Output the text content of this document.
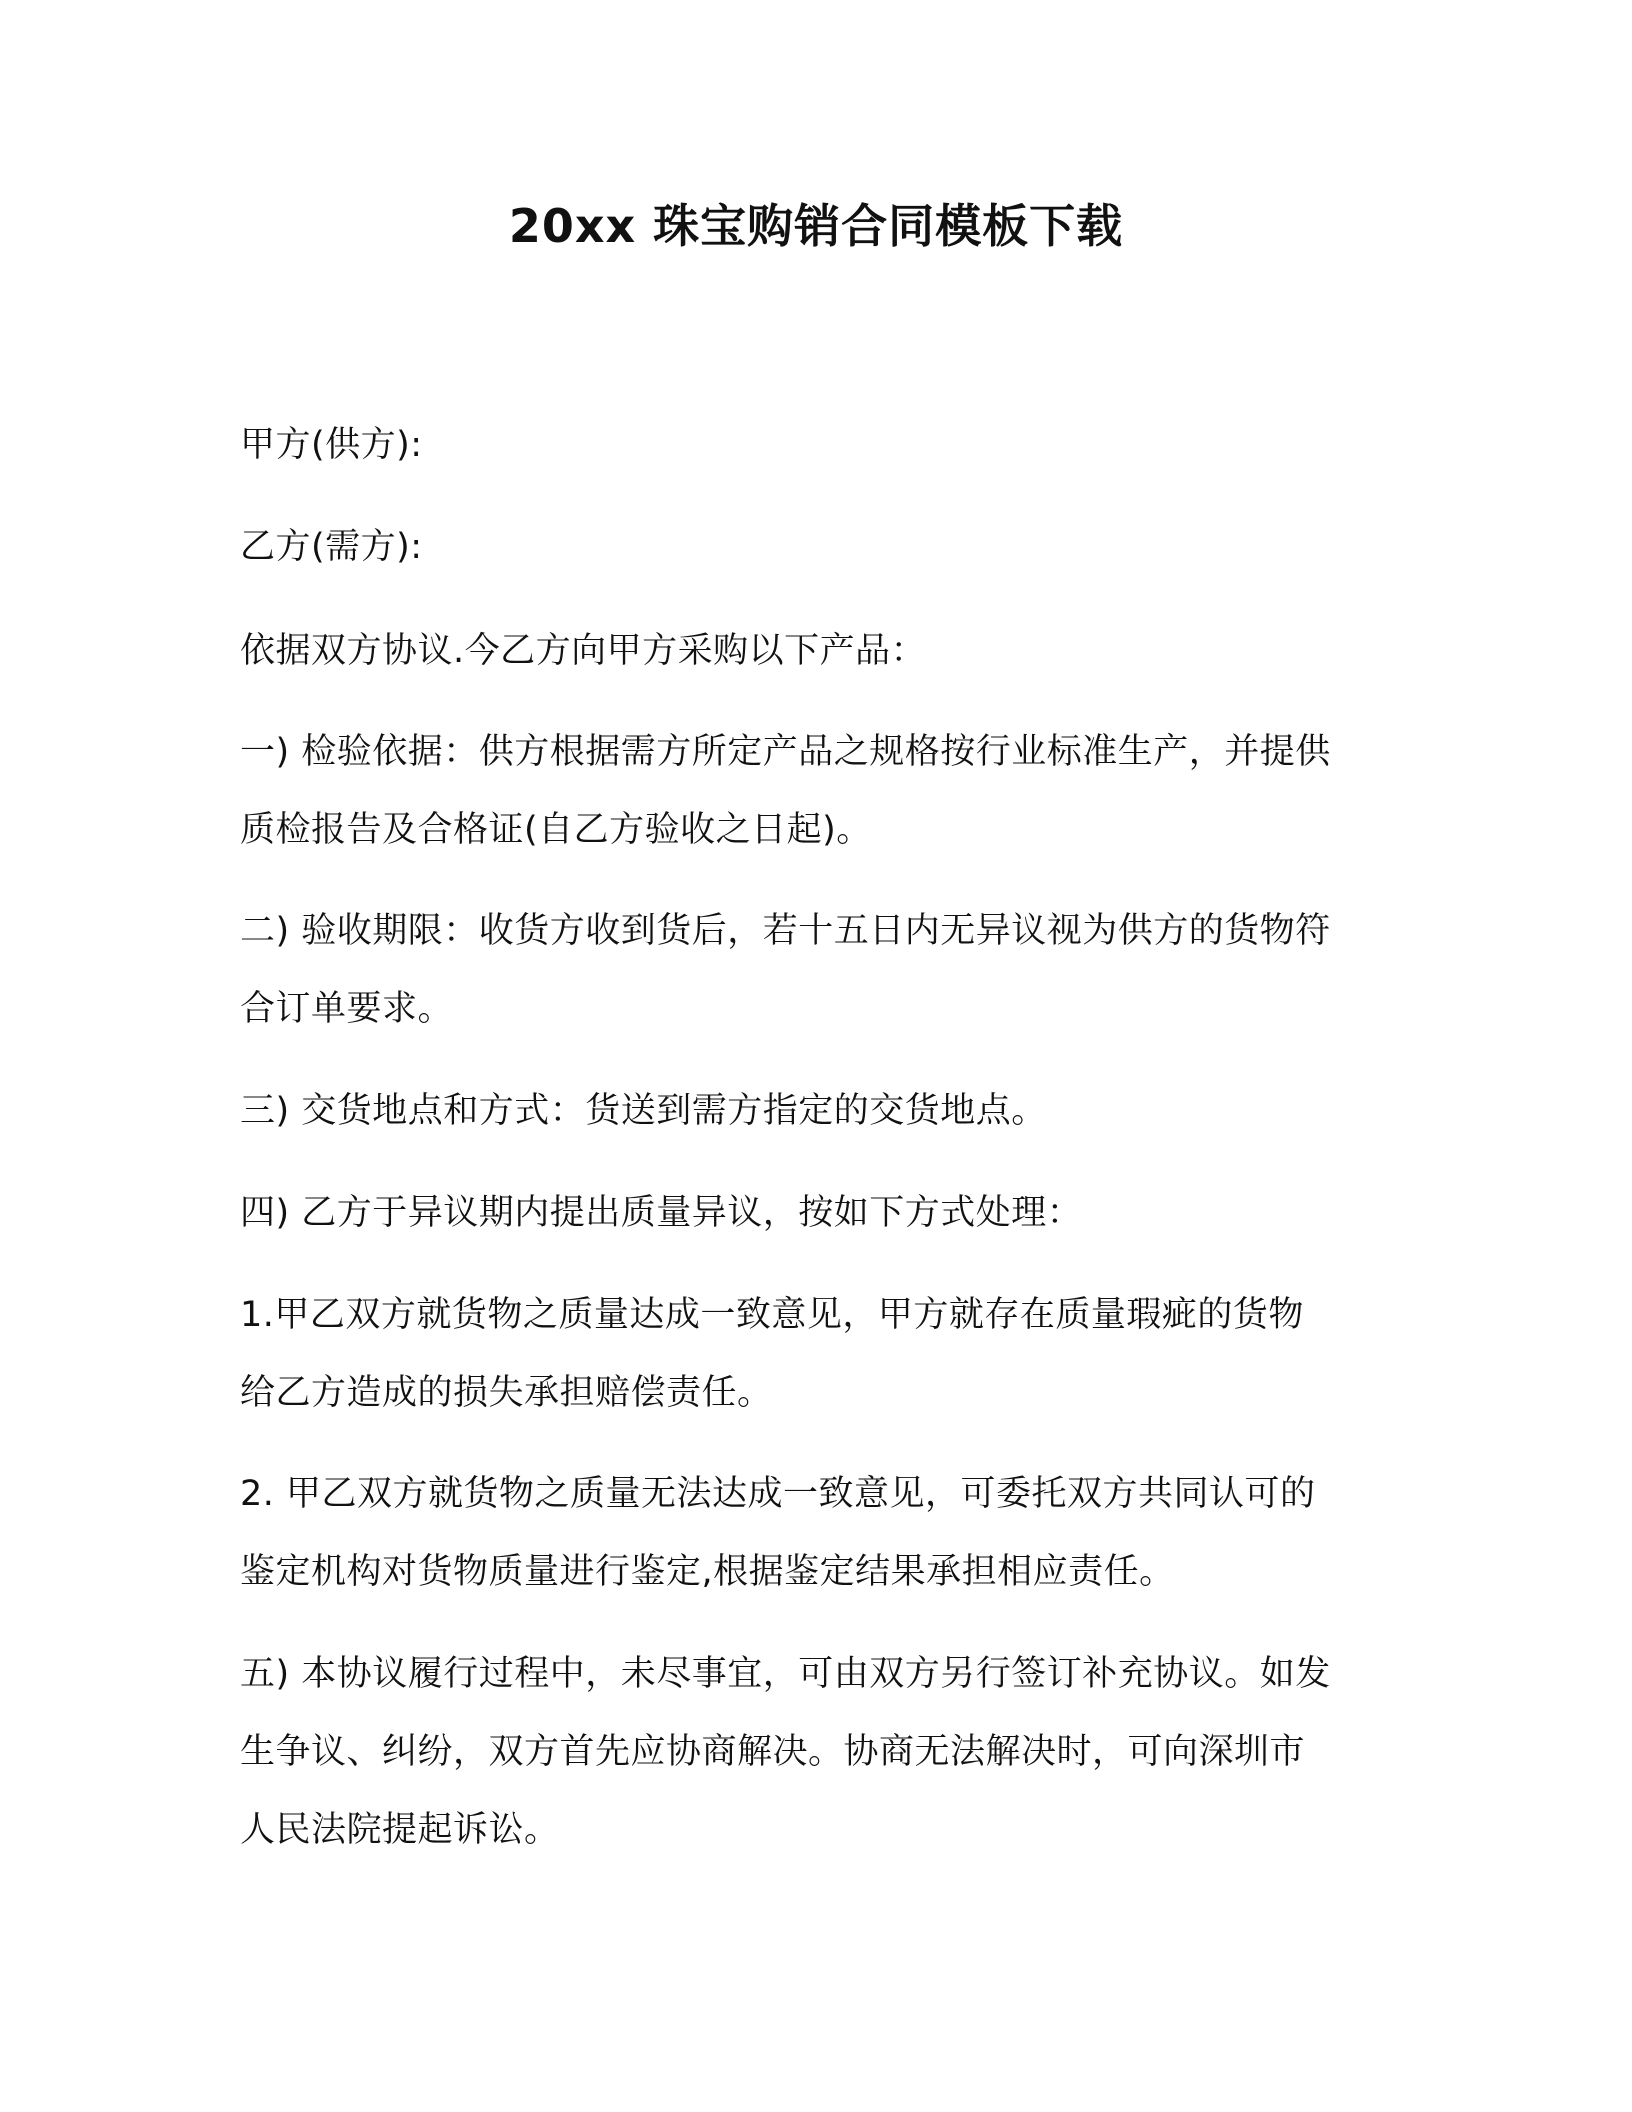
20xx 珠宝购销合同模板下载

甲方(供方):

乙方(需方):

依据双方协议.今乙方向甲方采购以下产品：

一) 检验依据：供方根据需方所定产品之规格按行业标准生产，并提供

质检报告及合格证(自乙方验收之日起)。

二) 验收期限：收货方收到货后，若十五日内无异议视为供方的货物符

合订单要求。

三) 交货地点和方式：货送到需方指定的交货地点。

四) 乙方于异议期内提出质量异议，按如下方式处理：

1.甲乙双方就货物之质量达成一致意见，甲方就存在质量瑕疵的货物

给乙方造成的损失承担赔偿责任。

2. 甲乙双方就货物之质量无法达成一致意见，可委托双方共同认可的

鉴定机构对货物质量进行鉴定,根据鉴定结果承担相应责任。

五) 本协议履行过程中，未尽事宜，可由双方另行签订补充协议。如发

生争议、纠纷，双方首先应协商解决。协商无法解决时，可向深圳市

人民法院提起诉讼。
